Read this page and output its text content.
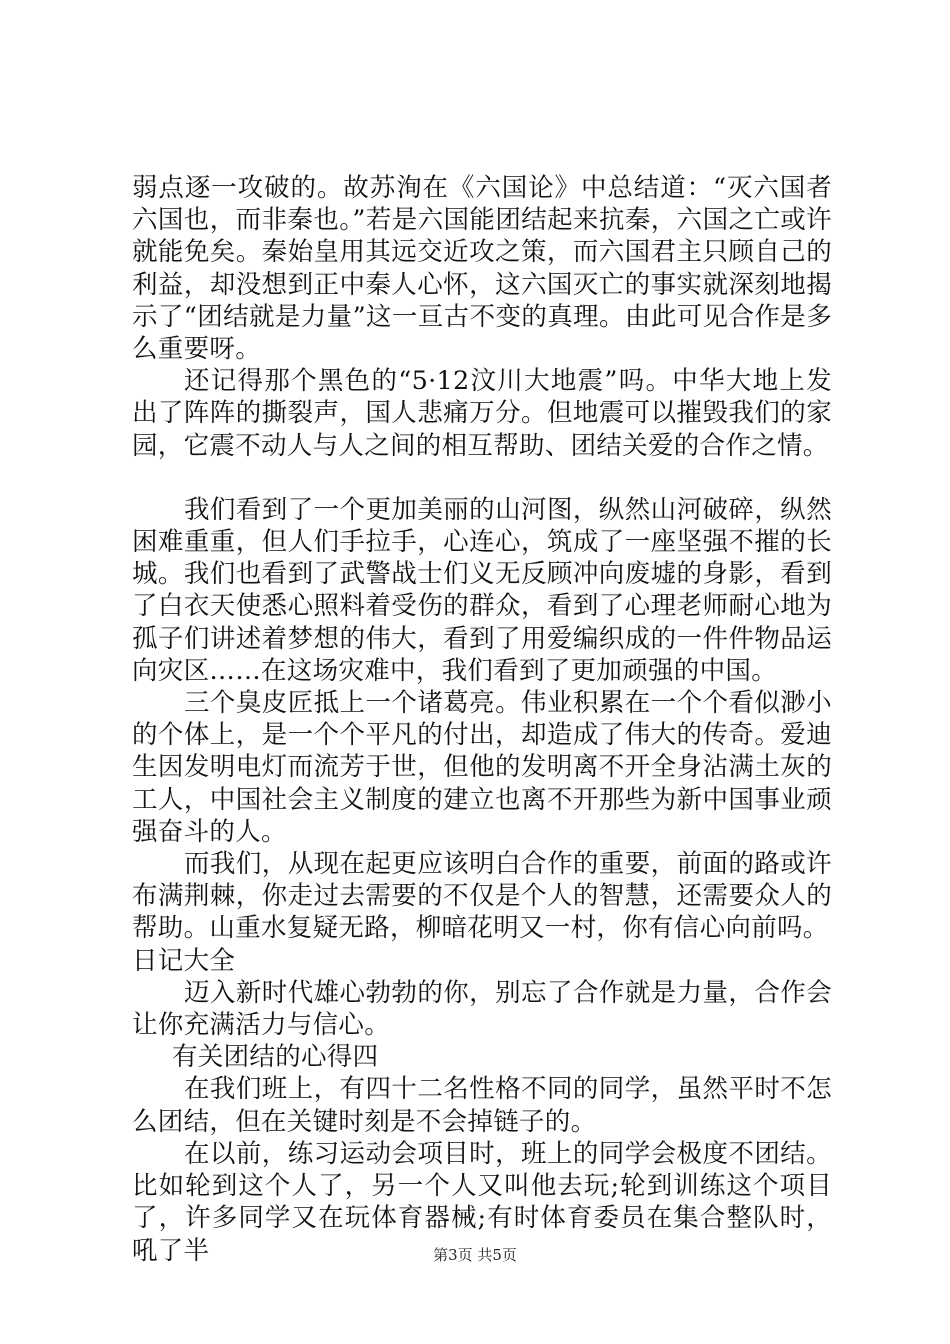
弱点逐一攻破的。故苏洵在《六国论》中总结道：“灭六国者六国也，而非秦也。”若是六国能团结起来抗秦，六国之亡或许就能免矣。秦始皇用其远交近攻之策，而六国君主只顾自己的利益，却没想到正中秦人心怀，这六国灭亡的事实就深刻地揭示了“团结就是力量”这一亘古不变的真理。由此可见合作是多么重要呀。

还记得那个黑色的“5·12汶川大地震”吗。中华大地上发出了阵阵的撕裂声，国人悲痛万分。但地震可以摧毁我们的家园，它震不动人与人之间的相互帮助、团结关爱的合作之情。

我们看到了一个更加美丽的山河图，纵然山河破碎，纵然困难重重，但人们手拉手，心连心，筑成了一座坚强不摧的长城。我们也看到了武警战士们义无反顾冲向废墟的身影，看到了白衣天使悉心照料着受伤的群众，看到了心理老师耐心地为孤子们讲述着梦想的伟大，看到了用爱编织成的一件件物品运向灾区……在这场灾难中，我们看到了更加顽强的中国。

三个臭皮匠抵上一个诸葛亮。伟业积累在一个个看似渺小的个体上，是一个个平凡的付出，却造成了伟大的传奇。爱迪生因发明电灯而流芳于世，但他的发明离不开全身沾满土灰的工人，中国社会主义制度的建立也离不开那些为新中国事业顽强奋斗的人。

而我们，从现在起更应该明白合作的重要，前面的路或许布满荆棘，你走过去需要的不仅是个人的智慧，还需要众人的帮助。山重水复疑无路，柳暗花明又一村，你有信心向前吗。

日记大全

迈入新时代雄心勃勃的你，别忘了合作就是力量，合作会让你充满活力与信心。

有关团结的心得四

在我们班上，有四十二名性格不同的同学，虽然平时不怎么团结，但在关键时刻是不会掉链子的。

在以前，练习运动会项目时，班上的同学会极度不团结。比如轮到这个人了，另一个人又叫他去玩;轮到训练这个项目了，许多同学又在玩体育器械;有时体育委员在集合整队时，吼了半	第3页 共5页
